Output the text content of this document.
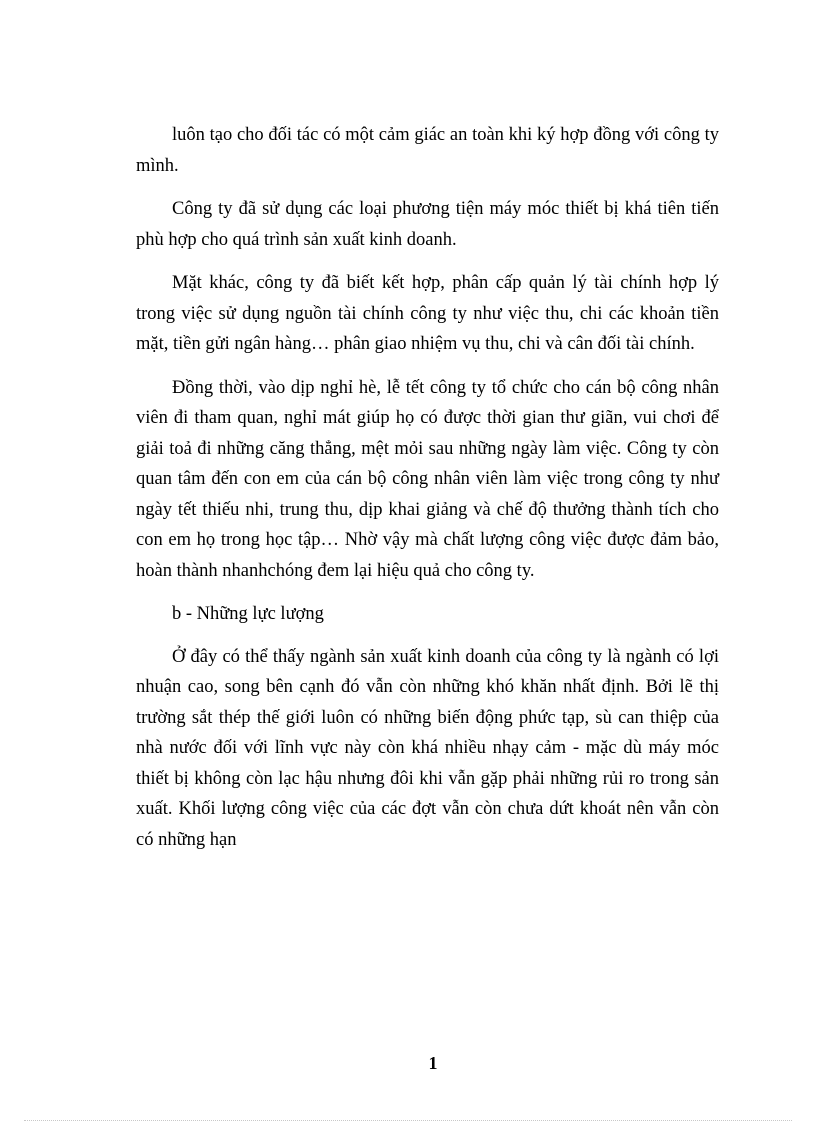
luôn tạo cho đối tác có một cảm giác an toàn khi ký hợp đồng với công ty mình.

Công ty đã sử dụng các loại phương tiện máy móc thiết bị khá tiên tiến phù hợp cho quá trình sản xuất kinh doanh.

Mặt khác, công ty đã biết kết hợp, phân cấp quản lý tài chính hợp lý trong việc sử dụng nguồn tài chính công ty như việc thu, chi các khoản tiền mặt, tiền gửi ngân hàng… phân giao nhiệm vụ thu, chi và cân đối tài chính.

Đồng thời, vào dịp nghỉ hè, lễ tết công ty tổ chức cho cán bộ công nhân viên đi tham quan, nghỉ mát giúp họ có được thời gian thư giãn, vui chơi để giải toả đi những căng thẳng, mệt mỏi sau những ngày làm việc. Công ty còn quan tâm đến con em của cán bộ công nhân viên làm việc trong công ty như ngày tết thiếu nhi, trung thu, dịp khai giảng và chế độ thưởng thành tích cho con em họ trong học tập… Nhờ vậy mà chất lượng công việc được đảm bảo, hoàn thành nhanhchóng đem lại hiệu quả cho công ty.

b - Những lực lượng

Ở đây có thể thấy ngành sản xuất kinh doanh của công ty là ngành có lợi nhuận cao, song bên cạnh đó vẫn còn những khó khăn nhất định. Bởi lẽ thị trường sắt thép thế giới luôn có những biến động phức tạp, sù can thiệp của nhà nước đối với lĩnh vực này còn khá nhiều nhạy cảm - mặc dù máy móc thiết bị không còn lạc hậu nhưng đôi khi vẫn gặp phải những rủi ro trong sản xuất. Khối lượng công việc của các đợt vẫn còn chưa dứt khoát nên vẫn còn có những hạn

1
